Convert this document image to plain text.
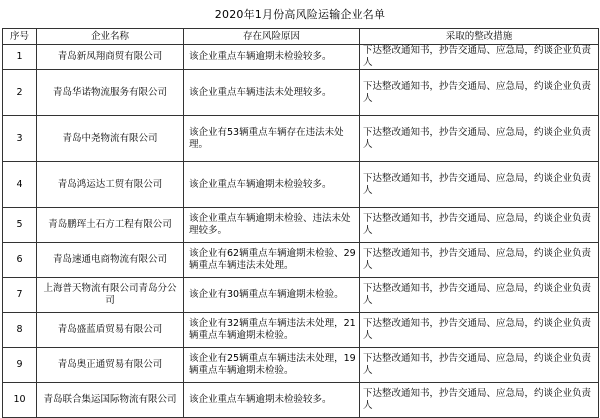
2020年1月份高风险运输企业名单
序号	企业名称	存在风险原因	采取的整改措施
1	青岛新凤翔商贸有限公司	该企业重点车辆逾期未检验较多。	下达整改通知书，抄告交通局、应急局，约谈企业负责人
2	青岛华诺物流服务有限公司	该企业重点车辆违法未处理较多。	下达整改通知书，抄告交通局、应急局，约谈企业负责人
3	青岛中尧物流有限公司	该企业有53辆重点车辆存在违法未处理。	下达整改通知书，抄告交通局、应急局，约谈企业负责人
4	青岛鸿运达工贸有限公司	该企业重点车辆逾期未检验较多。	下达整改通知书，抄告交通局、应急局，约谈企业负责人
5	青岛鹏珲土石方工程有限公司	该企业重点车辆逾期未检验、违法未处理较多。	下达整改通知书，抄告交通局、应急局，约谈企业负责人
6	青岛速通电商物流有限公司	该企业有62辆重点车辆逾期未检验、29辆重点车辆违法未处理。	下达整改通知书，抄告交通局、应急局，约谈企业负责人
7	上海普天物流有限公司青岛分公司	该企业有30辆重点车辆逾期未检验。	下达整改通知书，抄告交通局、应急局，约谈企业负责人
8	青岛盛蓝盾贸易有限公司	该企业有32辆重点车辆违法未处理，21辆重点车辆逾期未检验。	下达整改通知书，抄告交通局、应急局，约谈企业负责人
9	青岛奥正通贸易有限公司	该企业有25辆重点车辆违法未处理，19辆重点车辆逾期未检验。	下达整改通知书，抄告交通局、应急局，约谈企业负责人
10	青岛联合集运国际物流有限公司	该企业重点车辆逾期未检验较多。	下达整改通知书，抄告交通局、应急局，约谈企业负责人
